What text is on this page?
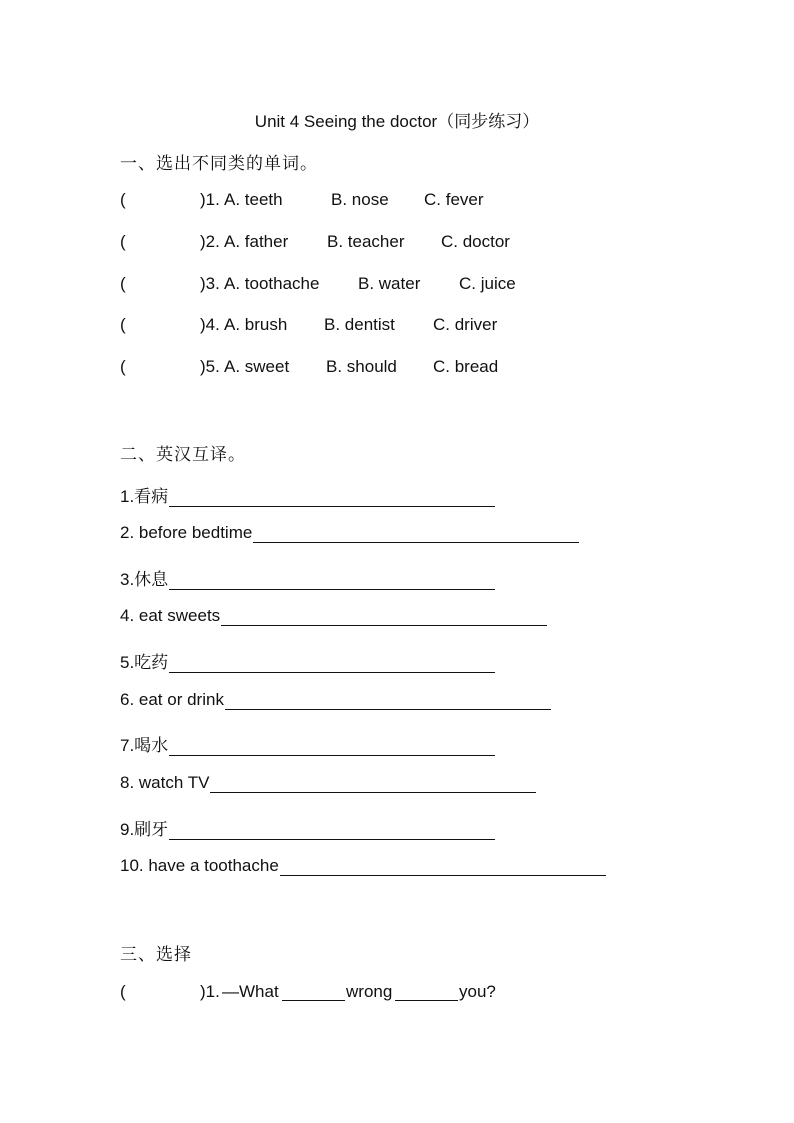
Unit 4 Seeing the doctor（同步练习）
一、选出不同类的单词。
(	)1. A. teeth	B. nose C. fever
(	)2. A. father B. teacher C. doctor
(	)3. A. toothache B. water C. juice
(	)4. A. brush B. dentist C. driver
(	)5. A. sweet B. should C. bread
二、英汉互译。
1.看病
2. before bedtime
3.休息
4. eat sweets
5.吃药
6. eat or drink
7.喝水
8. watch TV
9.刷牙
10. have a toothache
三、选择
(	)1. —What	wrong	you?
